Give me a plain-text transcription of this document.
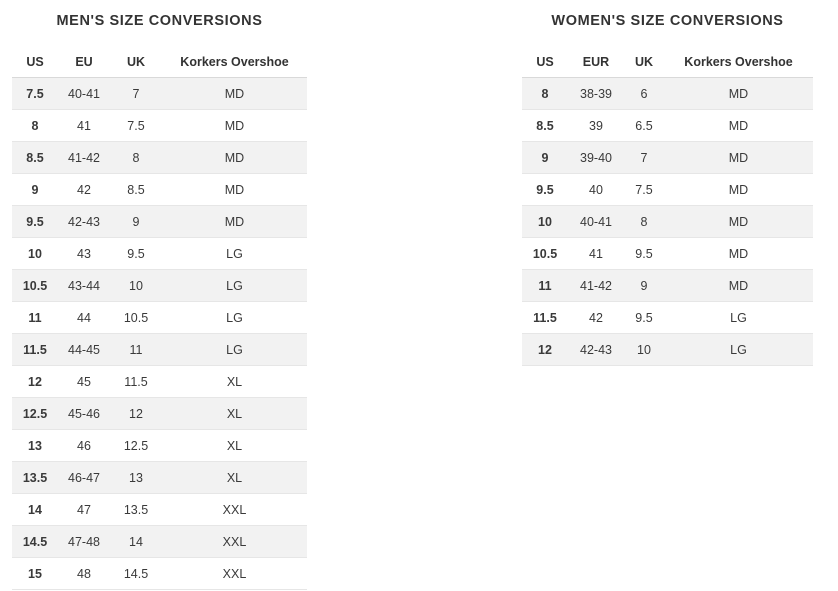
MEN'S SIZE CONVERSIONS
US	EU	UK	Korkers Overshoe
7.5	40-41	7	MD
8	41	7.5	MD
8.5	41-42	8	MD
9	42	8.5	MD
9.5	42-43	9	MD
10	43	9.5	LG
10.5	43-44	10	LG
11	44	10.5	LG
11.5	44-45	11	LG
12	45	11.5	XL
12.5	45-46	12	XL
13	46	12.5	XL
13.5	46-47	13	XL
14	47	13.5	XXL
14.5	47-48	14	XXL
15	48	14.5	XXL
WOMEN'S SIZE CONVERSIONS
US	EUR	UK	Korkers Overshoe
8	38-39	6	MD
8.5	39	6.5	MD
9	39-40	7	MD
9.5	40	7.5	MD
10	40-41	8	MD
10.5	41	9.5	MD
11	41-42	9	MD
11.5	42	9.5	LG
12	42-43	10	LG
